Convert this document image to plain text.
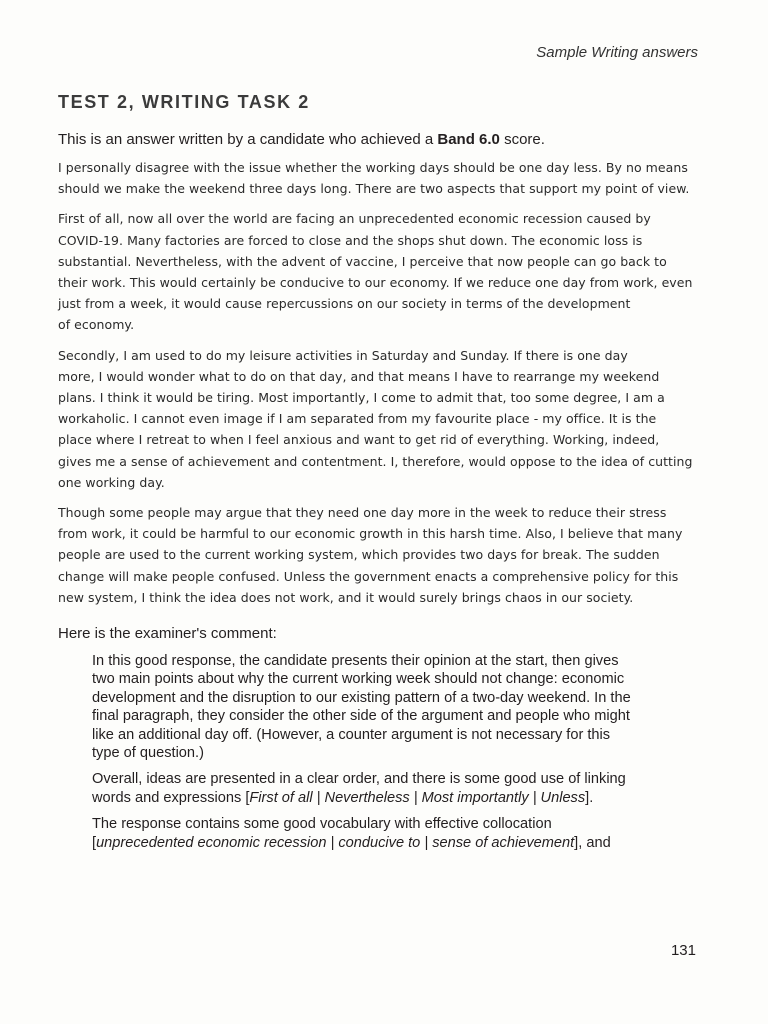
Sample Writing answers
TEST 2, WRITING TASK 2

This is an answer written by a candidate who achieved a Band 6.0 score.

I personally disagree with the issue whether the working days should be one day less. By no means
should we make the weekend three days long. There are two aspects that support my point of view.

First of all, now all over the world are facing an unprecedented economic recession caused by
COVID-19. Many factories are forced to close and the shops shut down. The economic loss is
substantial. Nevertheless, with the advent of vaccine, I perceive that now people can go back to
their work. This would certainly be conducive to our economy. If we reduce one day from work, even
just from a week, it would cause repercussions on our society in terms of the development
of economy.

Secondly, I am used to do my leisure activities in Saturday and Sunday. If there is one day
more, I would wonder what to do on that day, and that means I have to rearrange my weekend
plans. I think it would be tiring. Most importantly, I come to admit that, too some degree, I am a
workaholic. I cannot even image if I am separated from my favourite place - my office. It is the
place where I retreat to when I feel anxious and want to get rid of everything. Working, indeed,
gives me a sense of achievement and contentment. I, therefore, would oppose to the idea of cutting
one working day.

Though some people may argue that they need one day more in the week to reduce their stress
from work, it could be harmful to our economic growth in this harsh time. Also, I believe that many
people are used to the current working system, which provides two days for break. The sudden
change will make people confused. Unless the government enacts a comprehensive policy for this
new system, I think the idea does not work, and it would surely brings chaos in our society.

Here is the examiner's comment:

In this good response, the candidate presents their opinion at the start, then gives
two main points about why the current working week should not change: economic
development and the disruption to our existing pattern of a two-day weekend. In the
final paragraph, they consider the other side of the argument and people who might
like an additional day off. (However, a counter argument is not necessary for this
type of question.)

Overall, ideas are presented in a clear order, and there is some good use of linking
words and expressions [First of all | Nevertheless | Most importantly | Unless].

The response contains some good vocabulary with effective collocation
[unprecedented economic recession | conducive to | sense of achievement], and

131
